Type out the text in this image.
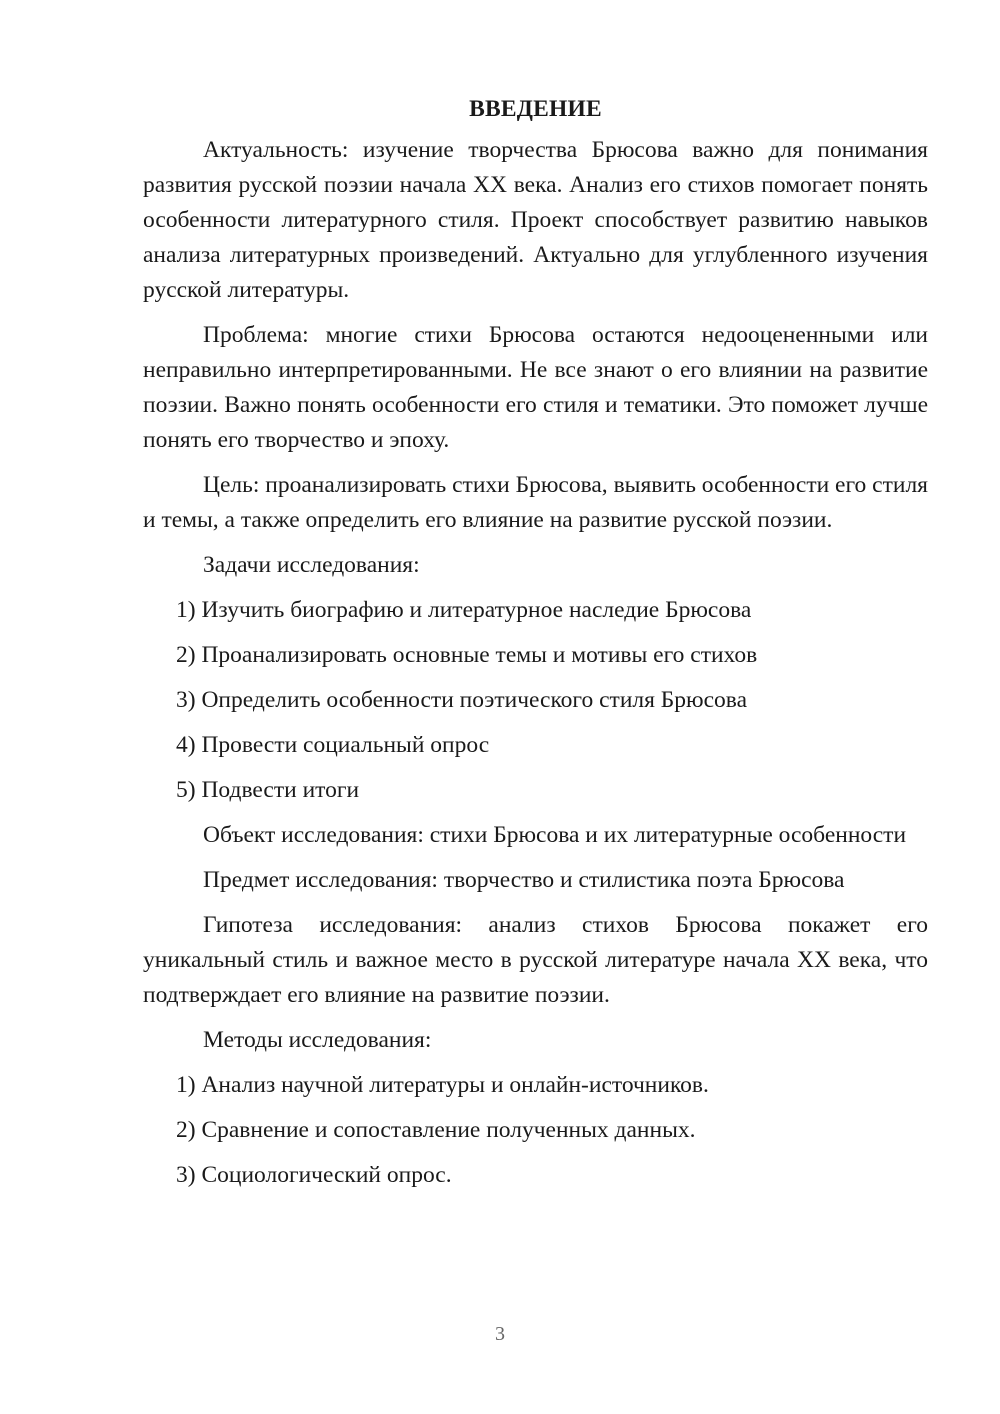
ВВЕДЕНИЕ

Актуальность: изучение творчества Брюсова важно для понимания развития русской поэзии начала XX века. Анализ его стихов помогает понять особенности литературного стиля. Проект способствует развитию навыков анализа литературных произведений. Актуально для углубленного изучения русской литературы.

Проблема: многие стихи Брюсова остаются недооцененными или неправильно интерпретированными. Не все знают о его влиянии на развитие поэзии. Важно понять особенности его стиля и тематики. Это поможет лучше понять его творчество и эпоху.

Цель: проанализировать стихи Брюсова, выявить особенности его стиля и темы, а также определить его влияние на развитие русской поэзии.

Задачи исследования:

1) Изучить биографию и литературное наследие Брюсова
2) Проанализировать основные темы и мотивы его стихов
3) Определить особенности поэтического стиля Брюсова
4) Провести социальный опрос
5) Подвести итоги

Объект исследования: стихи Брюсова и их литературные особенности

Предмет исследования: творчество и стилистика поэта Брюсова

Гипотеза исследования: анализ стихов Брюсова покажет его уникальный стиль и важное место в русской литературе начала XX века, что подтверждает его влияние на развитие поэзии.

Методы исследования:

1) Анализ научной литературы и онлайн-источников.
2) Сравнение и сопоставление полученных данных.
3) Социологический опрос.
3
